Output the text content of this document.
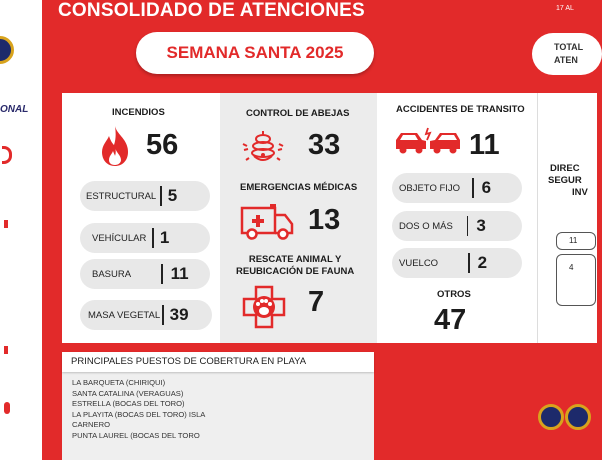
ONAL
CONSOLIDADO DE ATENCIONES	17 AL
SEMANA SANTA 2025	TOTAL
ATEN
INCENDIOS
56
ESTRUCTURAL 5
VEHÍCULAR 1
BASURA 11
MASA VEGETAL 39
CONTROL DE ABEJAS
33
EMERGENCIAS MÉDICAS
13
RESCATE ANIMAL Y
REUBICACIÓN DE FAUNA
7
ACCIDENTES DE TRANSITO
11
OBJETO FIJO 6
DOS O MÁS 3
VUELCO 2
OTROS
47
DIREC
SEGUR
INV
11
4
PRINCIPALES PUESTOS DE COBERTURA EN PLAYA
LA BARQUETA (CHIRIQUI)
SANTA CATALINA (VERAGUAS)
ESTRELLA (BOCAS DEL TORO)
LA PLAYITA (BOCAS DEL TORO) ISLA
CARNERO
PUNTA LAUREL (BOCAS DEL TORO
